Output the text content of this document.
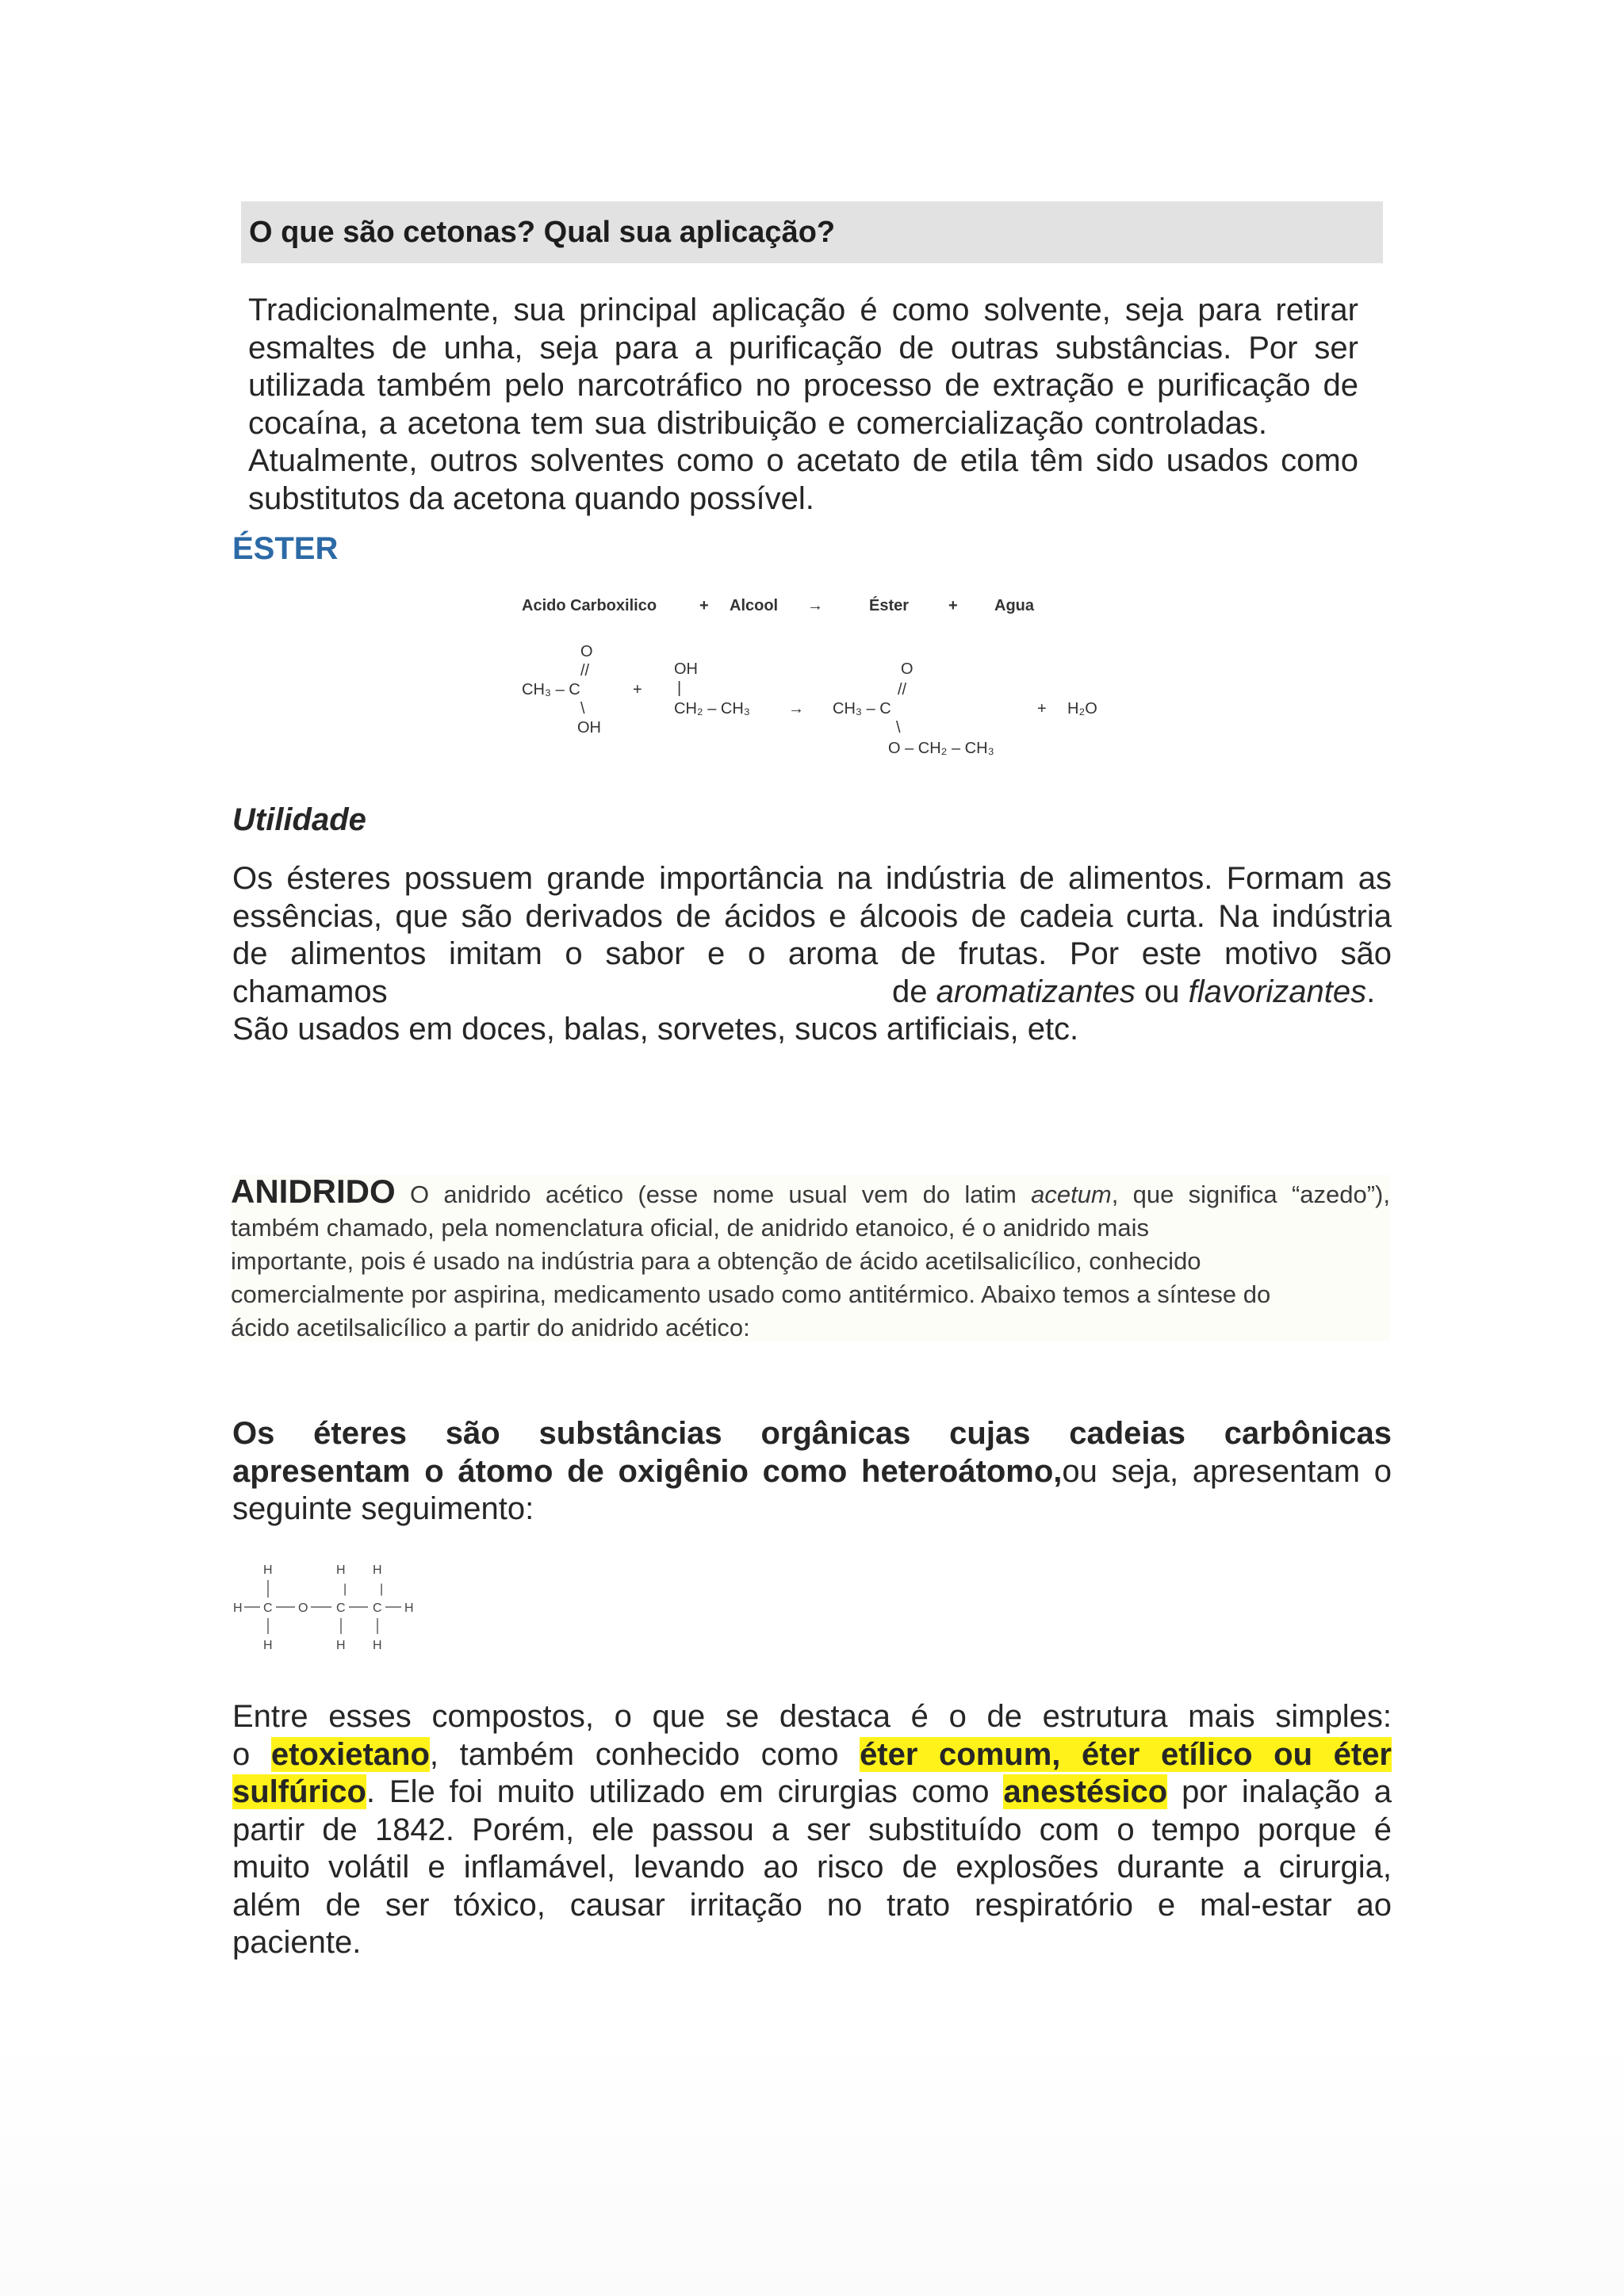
O que são cetonas? Qual sua aplicação?
Tradicionalmente, sua principal aplicação é como solvente, seja para retirar
esmaltes de unha, seja para a purificação de outras substâncias. Por ser
utilizada também pelo narcotráfico no processo de extração e purificação de
cocaína, a acetona tem sua distribuição e comercialização controladas.
Atualmente, outros solventes como o acetato de etila têm sido usados como
substitutos da acetona quando possível.
ÉSTER
Acido Carboxilico	+ Alcool →	Éster + Agua
O
//
CH₃ – C
\
OH
+
OH
|
CH₂ – CH₃ →
O
//
CH₃ – C
\
O – CH₂ – CH₃
+ H₂O
Utilidade
Os ésteres possuem grande importância na indústria de alimentos. Formam as
essências, que são derivados de ácidos e álcoois de cadeia curta. Na indústria
de alimentos imitam o sabor e o aroma de frutas. Por este motivo são
chamamos	de aromatizantes ou flavorizantes.
São usados em doces, balas, sorvetes, sucos artificiais, etc.
ANIDRIDO O anidrido acético (esse nome usual vem do latim acetum, que significa “azedo”),
também chamado, pela nomenclatura oficial, de anidrido etanoico, é o anidrido mais
importante, pois é usado na indústria para a obtenção de ácido acetilsalicílico, conhecido
comercialmente por aspirina, medicamento usado como antitérmico. Abaixo temos a síntese do
ácido acetilsalicílico a partir do anidrido acético:
Os éteres são substâncias orgânicas cujas cadeias carbônicas
apresentam o átomo de oxigênio como heteroátomo,ou seja, apresentam o
seguinte seguimento:
H	H H
|	|
H C O C C H
H	H H
Entre esses compostos, o que se destaca é o de estrutura mais simples:
o etoxietano, também conhecido como éter comum, éter etílico ou éter
sulfúrico. Ele foi muito utilizado em cirurgias como anestésico por inalação a
partir de 1842. Porém, ele passou a ser substituído com o tempo porque é
muito volátil e inflamável, levando ao risco de explosões durante a cirurgia,
além de ser tóxico, causar irritação no trato respiratório e mal-estar ao
paciente.
